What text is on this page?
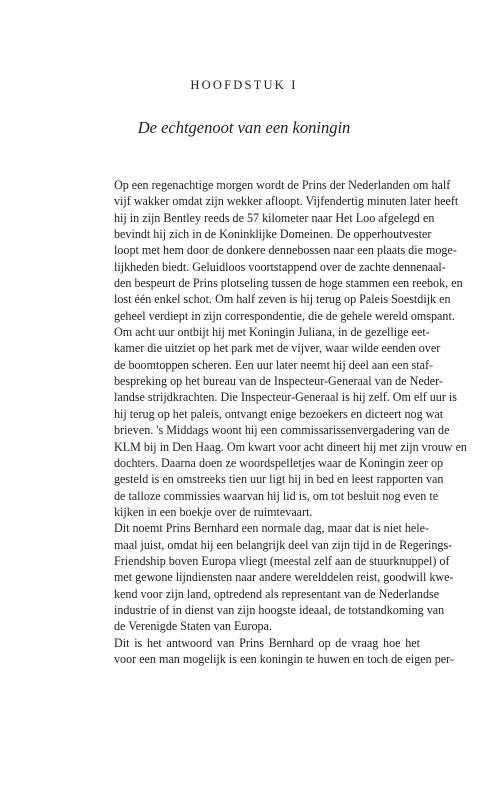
HOOFDSTUK I
De echtgenoot van een koningin
Op een regenachtige morgen wordt de Prins der Nederlanden om half
vijf wakker omdat zijn wekker afloopt. Vijfendertig minuten later heeft
hij in zijn Bentley reeds de 57 kilometer naar Het Loo afgelegd en
bevindt hij zich in de Koninklijke Domeinen. De opperhoutvester
loopt met hem door de donkere dennebossen naar een plaats die moge-
lijkheden biedt. Geluidloos voortstappend over de zachte dennenaal-
den bespeurt de Prins plotseling tussen de hoge stammen een reebok, en
lost één enkel schot. Om half zeven is hij terug op Paleis Soestdijk en
geheel verdiept in zijn correspondentie, die de gehele wereld omspant.
Om acht uur ontbijt hij met Koningin Juliana, in de gezellige eet-
kamer die uitziet op het park met de vijver, waar wilde eenden over
de boomtoppen scheren. Een uur later neemt hij deel aan een staf-
bespreking op het bureau van de Inspecteur-Generaal van de Neder-
landse strijdkrachten. Die Inspecteur-Generaal is hij zelf. Om elf uur is
hij terug op het paleis, ontvangt enige bezoekers en dicteert nog wat
brieven. 's Middags woont hij een commissarissenvergadering van de
KLM bij in Den Haag. Om kwart voor acht dineert hij met zijn vrouw en
dochters. Daarna doen ze woordspelletjes waar de Koningin zeer op
gesteld is en omstreeks tien uur ligt hij in bed en leest rapporten van
de talloze commissies waarvan hij lid is, om tot besluit nog even te
kijken in een boekje over de ruimtevaart.
Dit noemt Prins Bernhard een normale dag, maar dat is niet hele-
maal juist, omdat hij een belangrijk deel van zijn tijd in de Regerings-
Friendship boven Europa vliegt (meestal zelf aan de stuurknuppel) of
met gewone lijndiensten naar andere werelddelen reist, goodwill kwe-
kend voor zijn land, optredend als representant van de Nederlandse
industrie of in dienst van zijn hoogste ideaal, de totstandkoming van
de Verenigde Staten van Europa.
Dit is het antwoord van Prins Bernhard op de vraag hoe het
voor een man mogelijk is een koningin te huwen en toch de eigen per-
